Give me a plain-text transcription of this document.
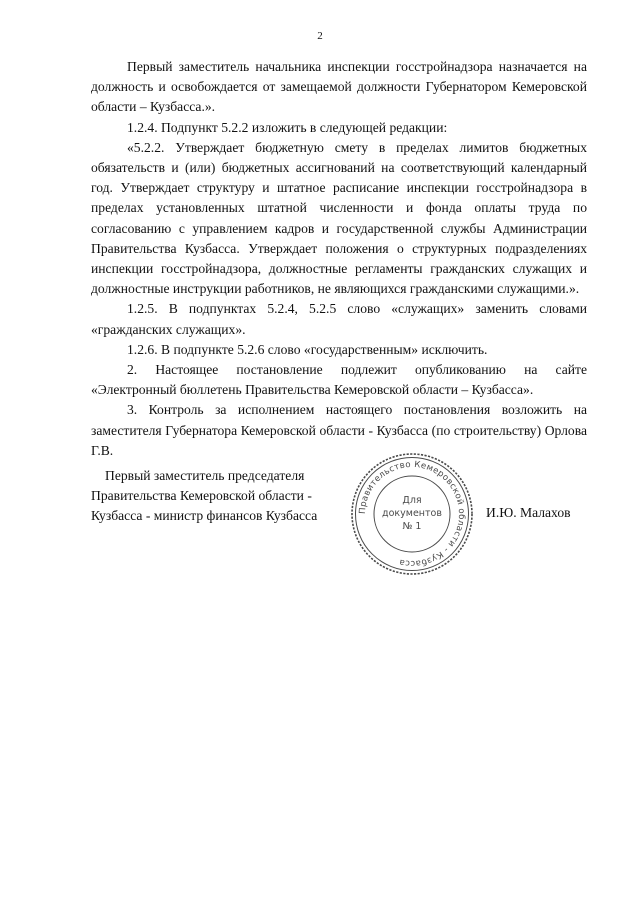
2

Первый заместитель начальника инспекции госстройнадзора назначается на должность и освобождается от замещаемой должности Губернатором Кемеровской области – Кузбасса.».

1.2.4. Подпункт 5.2.2 изложить в следующей редакции:

«5.2.2. Утверждает бюджетную смету в пределах лимитов бюджетных обязательств и (или) бюджетных ассигнований на соответствующий календарный год. Утверждает структуру и штатное расписание инспекции госстройнадзора в пределах установленных штатной численности и фонда оплаты труда по согласованию с управлением кадров и государственной службы Администрации Правительства Кузбасса. Утверждает положения о структурных подразделениях инспекции госстройнадзора, должностные регламенты гражданских служащих и должностные инструкции работников, не являющихся гражданскими служащими.».

1.2.5. В подпунктах 5.2.4, 5.2.5 слово «служащих» заменить словами «гражданских служащих».

1.2.6. В подпункте 5.2.6 слово «государственным» исключить.

2. Настоящее постановление подлежит опубликованию на сайте «Электронный бюллетень Правительства Кемеровской области – Кузбасса».

3. Контроль за исполнением настоящего постановления возложить на заместителя Губернатора Кемеровской области - Кузбасса (по строительству) Орлова Г.В.

Первый заместитель председателя
Правительства Кемеровской области -
Кузбасса - министр финансов Кузбасса	Правительство Кемеровской области - Кузбасса
Для
документов
№ 1
И.Ю. Малахов
